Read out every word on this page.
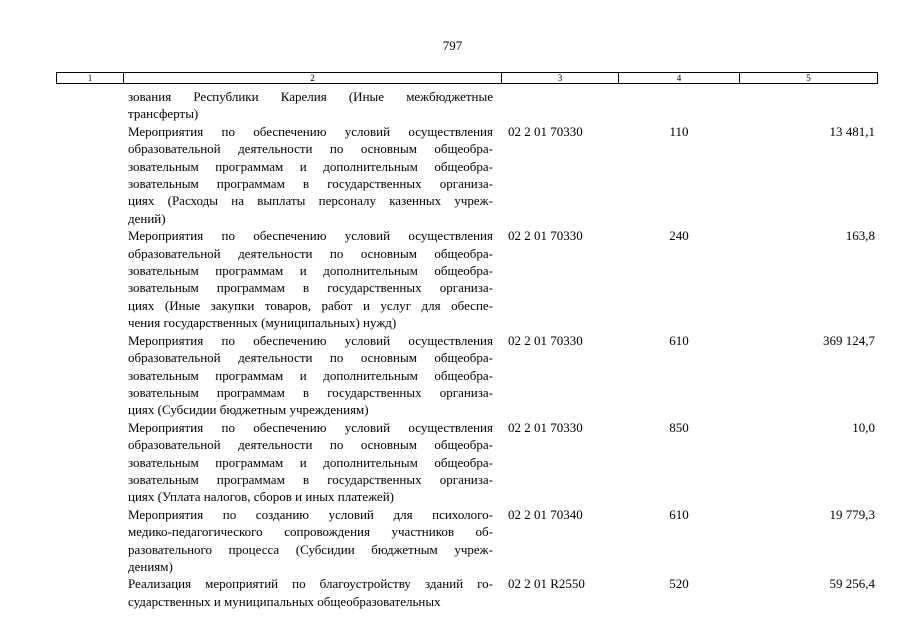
797
1	2	3	4	5
зования Республики Карелия (Иные межбюджетные
трансферты)
Мероприятия по обеспечению условий осуществления
образовательной деятельности по основным общеобра-
зовательным программам и дополнительным общеобра-
зовательным программам в государственных организа-
циях (Расходы на выплаты персоналу казенных учреж-
дений)
02 2 01 70330	110	13 481,1
Мероприятия по обеспечению условий осуществления
образовательной деятельности по основным общеобра-
зовательным программам и дополнительным общеобра-
зовательным программам в государственных организа-
циях (Иные закупки товаров, работ и услуг для обеспе-
чения государственных (муниципальных) нужд)
02 2 01 70330	240	163,8
Мероприятия по обеспечению условий осуществления
образовательной деятельности по основным общеобра-
зовательным программам и дополнительным общеобра-
зовательным программам в государственных организа-
циях (Субсидии бюджетным учреждениям)
02 2 01 70330	610	369 124,7
Мероприятия по обеспечению условий осуществления
образовательной деятельности по основным общеобра-
зовательным программам и дополнительным общеобра-
зовательным программам в государственных организа-
циях (Уплата налогов, сборов и иных платежей)
02 2 01 70330	850	10,0
Мероприятия по созданию условий для психолого-
медико-педагогического сопровождения участников об-
разовательного процесса (Субсидии бюджетным учреж-
дениям)
02 2 01 70340	610	19 779,3
Реализация мероприятий по благоустройству зданий го-
сударственных и муниципальных общеобразовательных
02 2 01 R2550	520	59 256,4
